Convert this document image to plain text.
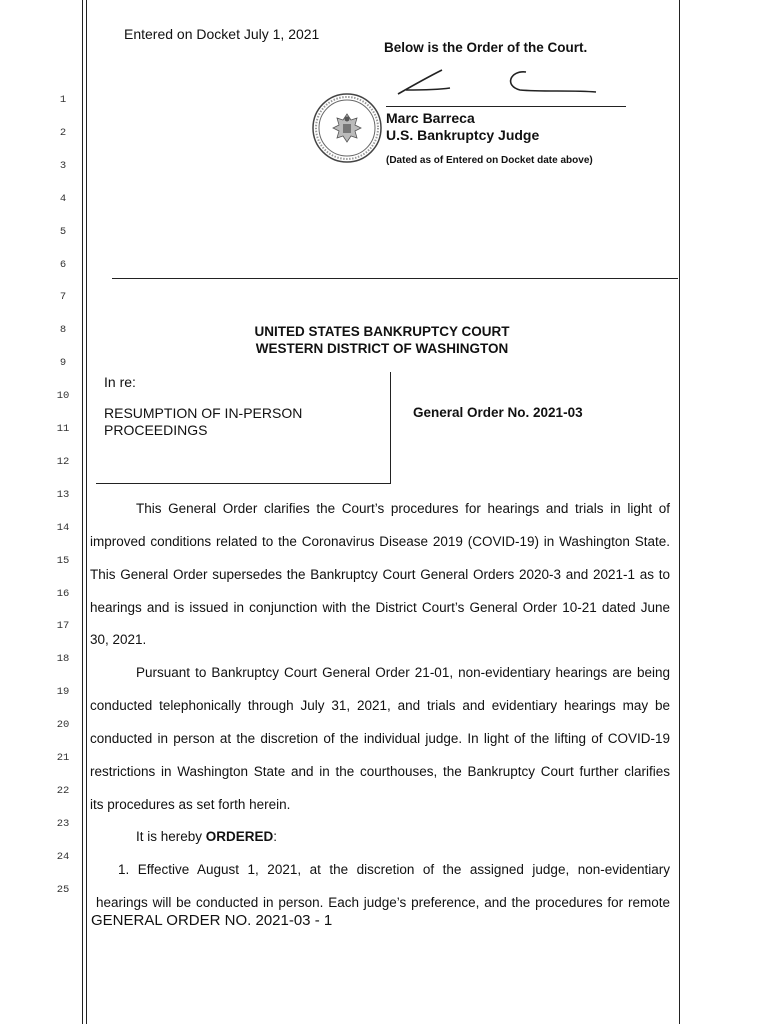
1
2
3
4
5
6
7
8
9
10
11
12
13
14
15
16
17
18
19
20
21
22
23
24
25
Entered on Docket July 1, 2021
Below is the Order of the Court.
Marc Barreca
U.S. Bankruptcy Judge
(Dated as of Entered on Docket date above)
UNITED STATES BANKRUPTCY COURT
WESTERN DISTRICT OF WASHINGTON
In re:
RESUMPTION OF IN-PERSON
PROCEEDINGS
General Order No. 2021-03
This General Order clarifies the Court’s procedures for hearings and trials in light of
improved conditions related to the Coronavirus Disease 2019 (COVID-19) in Washington State.
This General Order supersedes the Bankruptcy Court General Orders 2020-3 and 2021-1 as to
hearings and is issued in conjunction with the District Court’s General Order 10-21 dated June
30, 2021.
Pursuant to Bankruptcy Court General Order 21-01, non-evidentiary hearings are being
conducted telephonically through July 31, 2021, and trials and evidentiary hearings may be
conducted in person at the discretion of the individual judge. In light of the lifting of COVID-19
restrictions in Washington State and in the courthouses, the Bankruptcy Court further clarifies
its procedures as set forth herein.
It is hereby ORDERED:
1. Effective August 1, 2021, at the discretion of the assigned judge, non-evidentiary
hearings will be conducted in person. Each judge’s preference, and the procedures for remote
GENERAL ORDER NO. 2021-03 - 1
